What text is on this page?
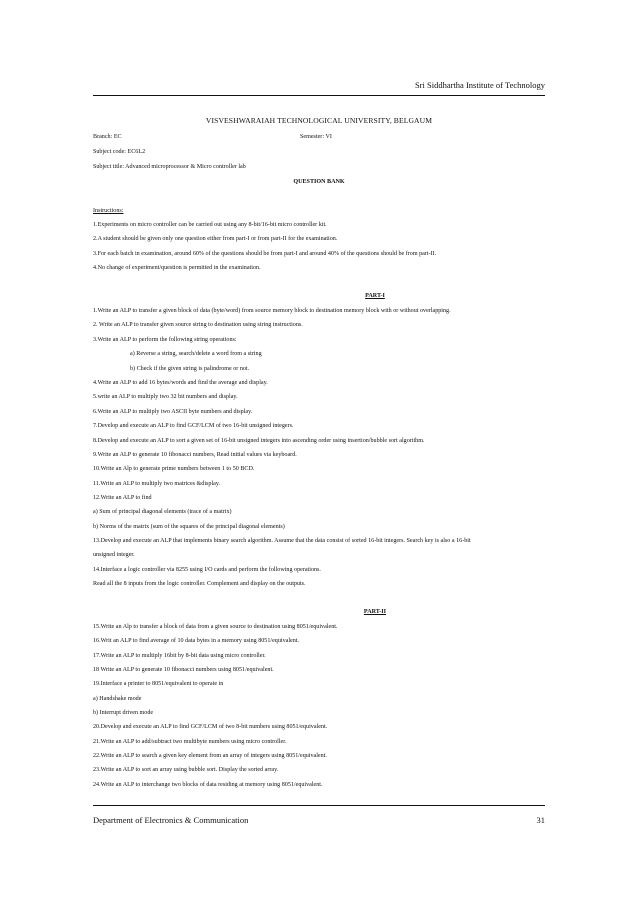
Sri Siddhartha Institute of Technology
VISVESHWARAIAH TECHNOLOGICAL UNIVERSITY, BELGAUM
Branch: EC	Semester: VI
Subject code: EC6L2
Subject title: Advanced microprocessor & Micro controller lab
QUESTION BANK
Instructions:
1.Experiments on micro controller can be carried out using any 8-bit/16-bit micro controller kit.
2.A student should be given only one question either from part-I or from part-II for the examination.
3.For each batch in examination, around 60% of the questions should be from part-I and around 40% of the questions should be from part-II.
4.No change of experiment/question is permitted in the examination.
PART-I
1.Write an ALP to transfer a given block of data (byte/word) from source memory block to destination memory block with or without overlapping.
2. Write an ALP to transfer given source string to destination using string instructions.
3.Write an ALP to perform the following string operations:
a) Reverse a string, search/delete a word from a string
b) Check if the given string is palindrome or not.
4.Write an ALP to add 16 bytes/words and find the average and display.
5.write an ALP to multiply two 32 bit numbers and display.
6.Write an ALP to multiply two ASCII byte numbers and display.
7.Develop and execute an ALP to find GCF/LCM of two 16-bit unsigned integers.
8.Develop and execute an ALP to sort a given set of 16-bit unsigned integers into ascending order using insertion/bubble sort algorithm.
9.Write an ALP to generate 10 fibonacci numbers, Read initial values via keyboard.
10.Write an Alp to generate prime numbers between 1 to 50 BCD.
11.Write an ALP to multiply two matrices &display.
12.Write an ALP to find
a) Sum of principal diagonal elements (trace of a matrix)
b) Norms of the matrix (sum of the squares of the principal diagonal elements)
13.Develop and execute an ALP that implements binary search algorithm. Assume that the data consist of sorted 16-bit integers. Search key is also a 16-bit
unsigned integer.
14.Interface a logic controller via 8255 using I/O cards and perform the following operations.
Read all the 8 inputs from the logic controller. Complement and display on the outputs.
PART-II
15.Write an Alp to transfer a block of data from a given source to destination using 8051/equivalent.
16.Writ an ALP to find average of 10 data bytes in a memory using 8051/equivalent.
17.Write an ALP to multiply 16bit by 8-bit data using micro controller.
18 Write an ALP to generate 10 fibonacci numbers using 8051/equivalent.
19.Interface a printer to 8051/equivalent to operate in
a) Handshake mode
b) Interrupt driven mode
20.Develop and execute an ALP to find GCF/LCM of two 8-bit numbers using 8051/equivalent.
21.Write an ALP to add/subtract two multibyte numbers using micro controller.
22.Write an ALP to search a given key element from an array of integers using 8051/equivalent.
23.Write an ALP to sort an array using bubble sort. Display the sorted array.
24.Write an ALP to interchange two blocks of data residing at memory using 8051/equivalent.
Department of Electronics & Communication	31
